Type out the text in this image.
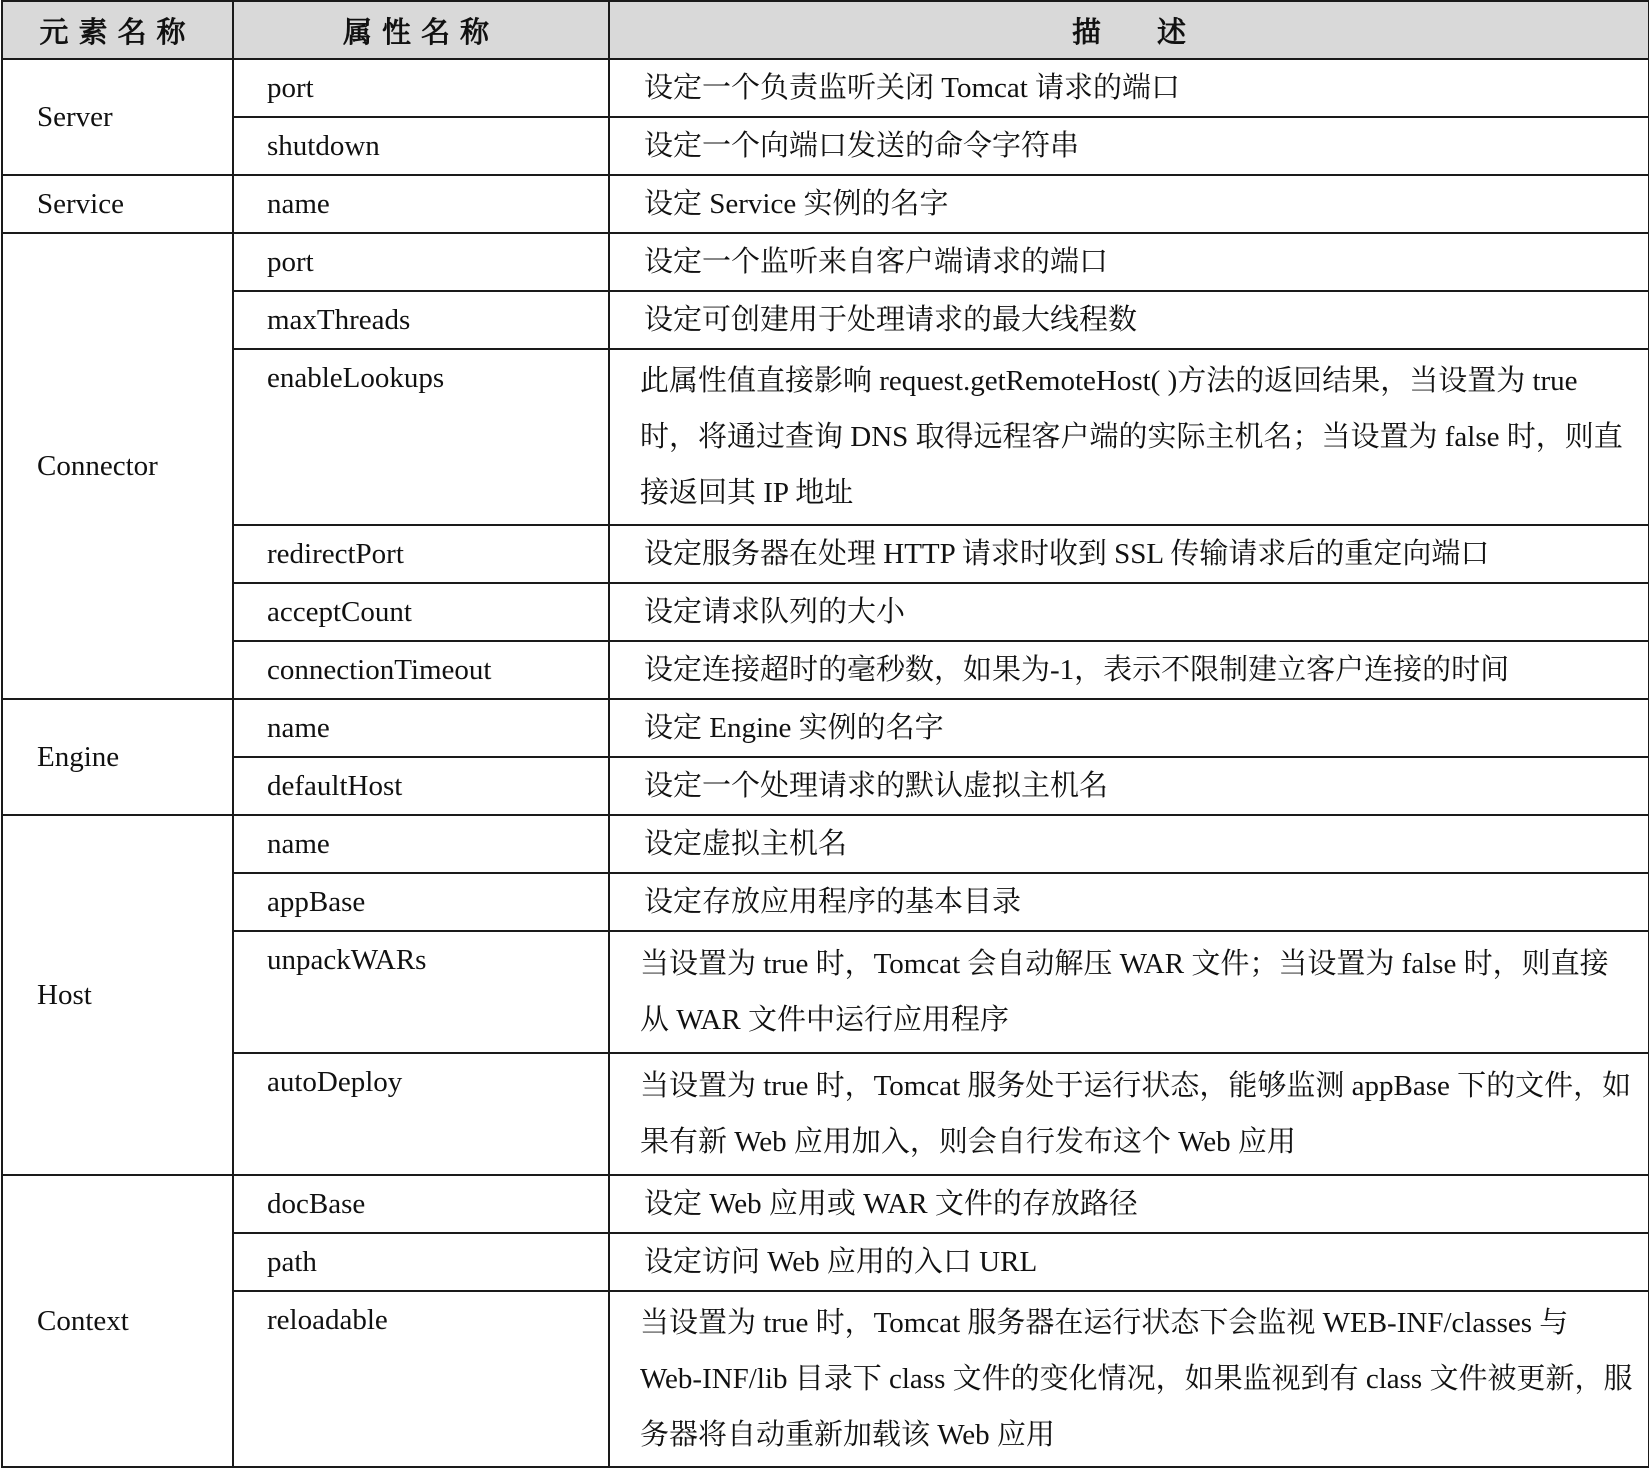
元素名称	属性名称	描述
Server	port	设定一个负责监听关闭 Tomcat 请求的端口
	shutdown	设定一个向端口发送的命令字符串
Service	name	设定 Service 实例的名字
Connector	port	设定一个监听来自客户端请求的端口
	maxThreads	设定可创建用于处理请求的最大线程数
	enableLookups	此属性值直接影响 request.getRemoteHost( )方法的返回结果，当设置为 true 时，将通过查询 DNS 取得远程客户端的实际主机名；当设置为 false 时，则直接返回其 IP 地址
	redirectPort	设定服务器在处理 HTTP 请求时收到 SSL 传输请求后的重定向端口
	acceptCount	设定请求队列的大小
	connectionTimeout	设定连接超时的毫秒数，如果为-1，表示不限制建立客户连接的时间
Engine	name	设定 Engine 实例的名字
	defaultHost	设定一个处理请求的默认虚拟主机名
Host	name	设定虚拟主机名
	appBase	设定存放应用程序的基本目录
	unpackWARs	当设置为 true 时，Tomcat 会自动解压 WAR 文件；当设置为 false 时，则直接从 WAR 文件中运行应用程序
	autoDeploy	当设置为 true 时，Tomcat 服务处于运行状态，能够监测 appBase 下的文件，如果有新 Web 应用加入，则会自行发布这个 Web 应用
Context	docBase	设定 Web 应用或 WAR 文件的存放路径
	path	设定访问 Web 应用的入口 URL
	reloadable	当设置为 true 时，Tomcat 服务器在运行状态下会监视 WEB-INF/classes 与 Web-INF/lib 目录下 class 文件的变化情况，如果监视到有 class 文件被更新，服务器将自动重新加载该 Web 应用
